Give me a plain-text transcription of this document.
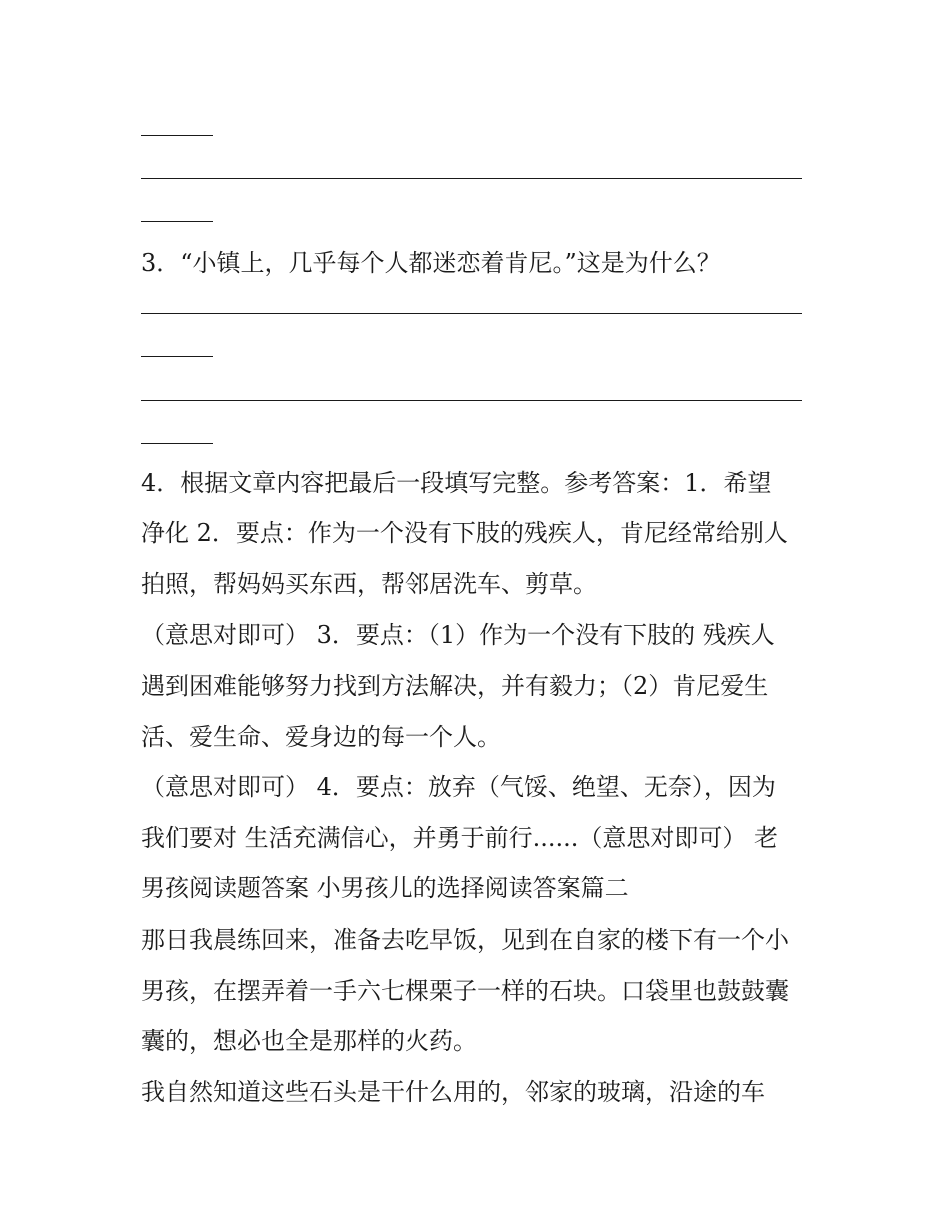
3．“小镇上，几乎每个人都迷恋着肯尼。”这是为什么？
4．根据文章内容把最后一段填写完整。参考答案：1．希望
净化 2．要点：作为一个没有下肢的残疾人，肯尼经常给别人
拍照，帮妈妈买东西，帮邻居洗车、剪草。
（意思对即可） 3．要点：（1）作为一个没有下肢的 残疾人
遇到困难能够努力找到方法解决，并有毅力；（2）肯尼爱生
活、爱生命、爱身边的每一个人。
（意思对即可） 4．要点：放弃（气馁、绝望、无奈），因为
我们要对 生活充满信心，并勇于前行......（意思对即可） 老
男孩阅读题答案 小男孩儿的选择阅读答案篇二
那日我晨练回来，准备去吃早饭，见到在自家的楼下有一个小
男孩，在摆弄着一手六七棵栗子一样的石块。口袋里也鼓鼓囊
囊的，想必也全是那样的火药。
我自然知道这些石头是干什么用的，邻家的玻璃，沿途的车
